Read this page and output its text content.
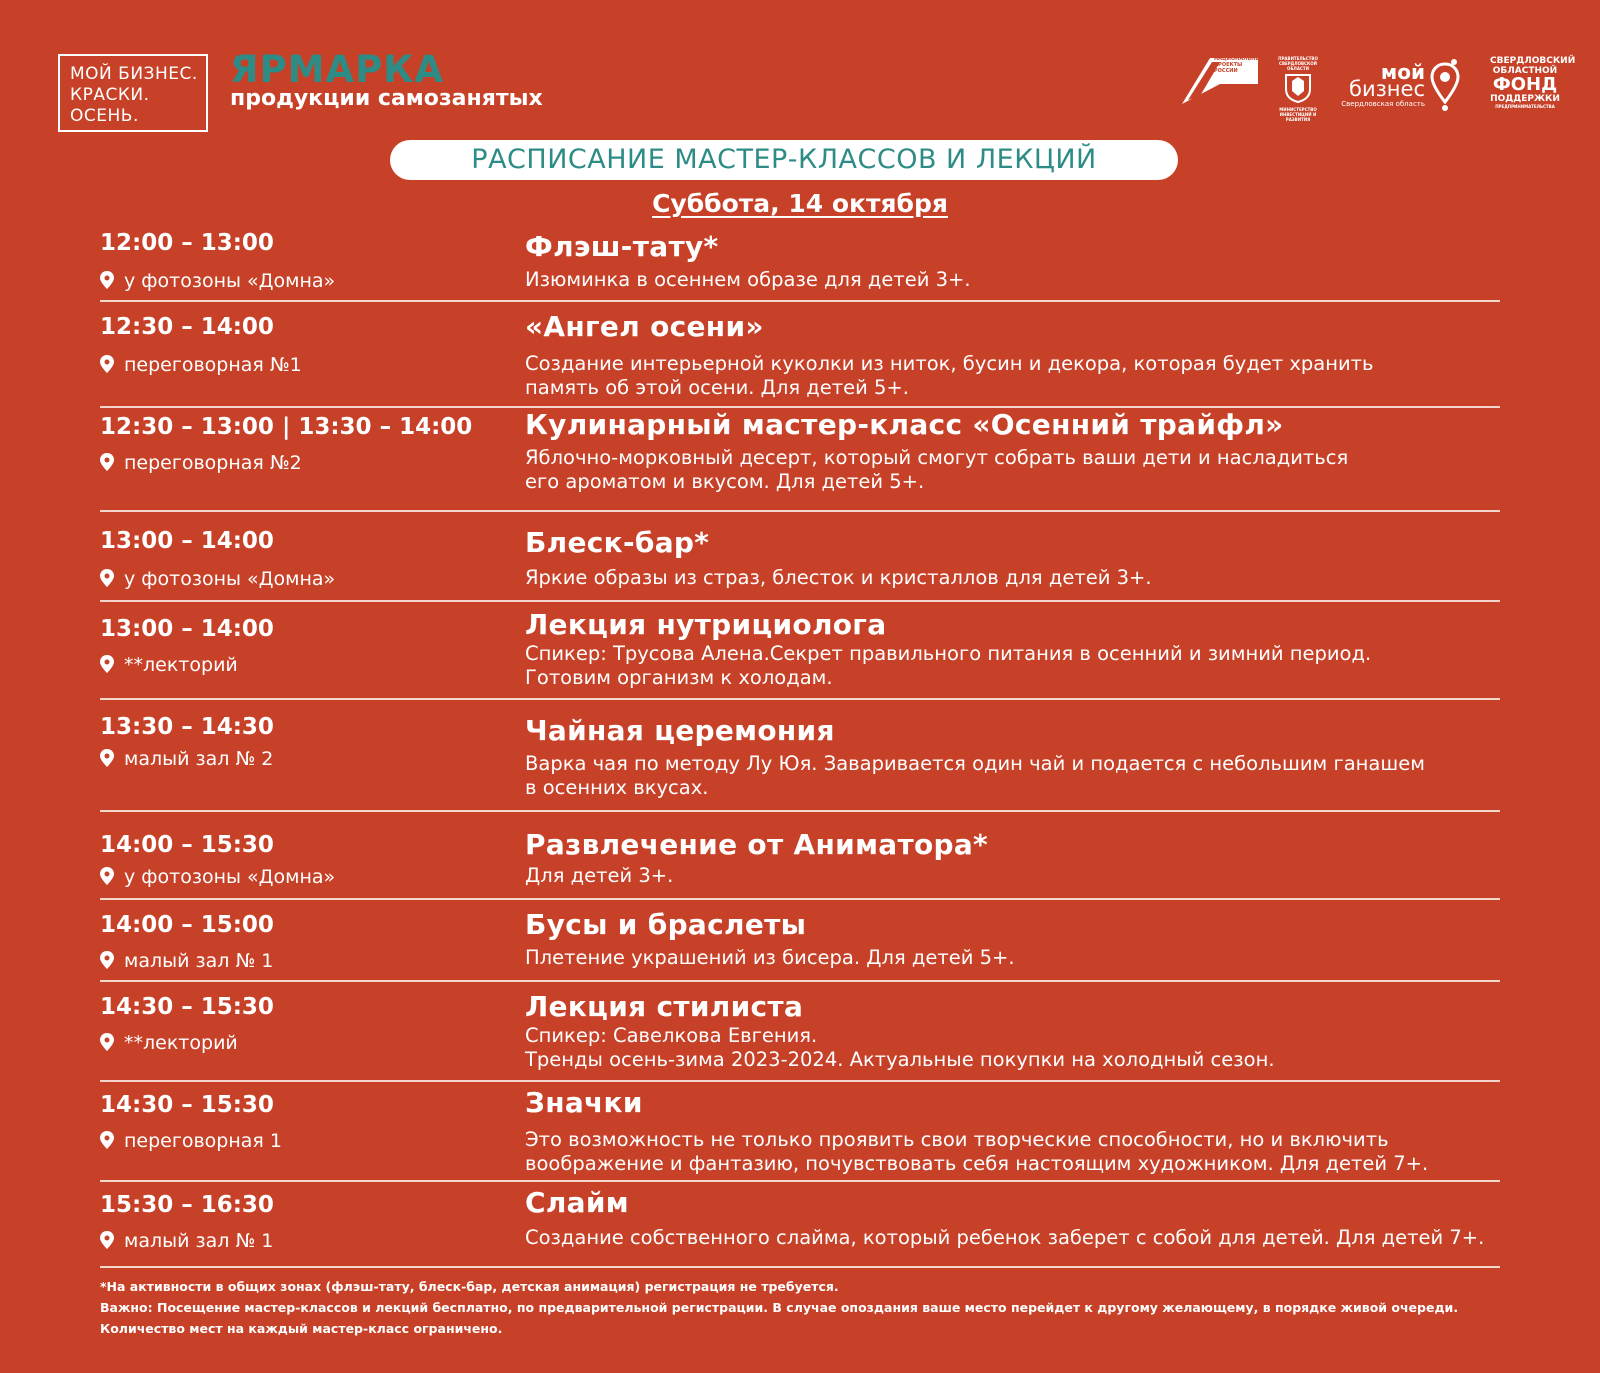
МОЙ БИЗНЕС.
КРАСКИ.
ОСЕНЬ.
ЯРМАРКА
продукции самозанятых
НАЦИОНАЛЬНЫЕ ПРОЕКТЫ РОССИИ
ПРАВИТЕЛЬСТВО СВЕРДЛОВСКОЙ ОБЛАСТИ
МИНИСТЕРСТВО ИНВЕСТИЦИЙ И РАЗВИТИЯ
мой
бизнес
Свердловская область
СВЕРДЛОВСКИЙ ОБЛАСТНОЙ
ФОНД
ПОДДЕРЖКИ
ПРЕДПРИНИМАТЕЛЬСТВА
РАСПИСАНИЕ МАСТЕР-КЛАССОВ И ЛЕКЦИЙ
Суббота, 14 октября
12:00 – 13:00
у фотозоны «Домна»
Флэш-тату*
Изюминка в осеннем образе для детей 3+.
12:30 – 14:00
переговорная №1
«Ангел осени»
Создание интерьерной куколки из ниток, бусин и декора, которая будет хранить
память об этой осени. Для детей 5+.
12:30 – 13:00 | 13:30 – 14:00
переговорная №2
Кулинарный мастер-класс «Осенний трайфл»
Яблочно-морковный десерт, который смогут собрать ваши дети и насладиться
его ароматом и вкусом. Для детей 5+.
13:00 – 14:00
у фотозоны «Домна»
Блеск-бар*
Яркие образы из страз, блесток и кристаллов для детей 3+.
13:00 – 14:00
**лекторий
Лекция нутрициолога
Спикер: Трусова Алена.Секрет правильного питания в осенний и зимний период.
Готовим организм к холодам.
13:30 – 14:30
малый зал № 2
Чайная церемония
Варка чая по методу Лу Юя. Заваривается один чай и подается с небольшим ганашем
в осенних вкусах.
14:00 – 15:30
у фотозоны «Домна»
Развлечение от Аниматора*
Для детей 3+.
14:00 – 15:00
малый зал № 1
Бусы и браслеты
Плетение украшений из бисера. Для детей 5+.
14:30 – 15:30
**лекторий
Лекция стилиста
Спикер: Савелкова Евгения.
Тренды осень-зима 2023-2024. Актуальные покупки на холодный сезон.
14:30 – 15:30
переговорная 1
Значки
Это возможность не только проявить свои творческие способности, но и включить
воображение и фантазию, почувствовать себя настоящим художником. Для детей 7+.
15:30 – 16:30
малый зал № 1
Слайм
Создание собственного слайма, который ребенок заберет с собой для детей. Для детей 7+.
*На активности в общих зонах (флэш-тату, блеск-бар, детская анимация) регистрация не требуется.
Важно: Посещение мастер-классов и лекций бесплатно, по предварительной регистрации. В случае опоздания ваше место перейдет к другому желающему, в порядке живой очереди.
Количество мест на каждый мастер-класс ограничено.
